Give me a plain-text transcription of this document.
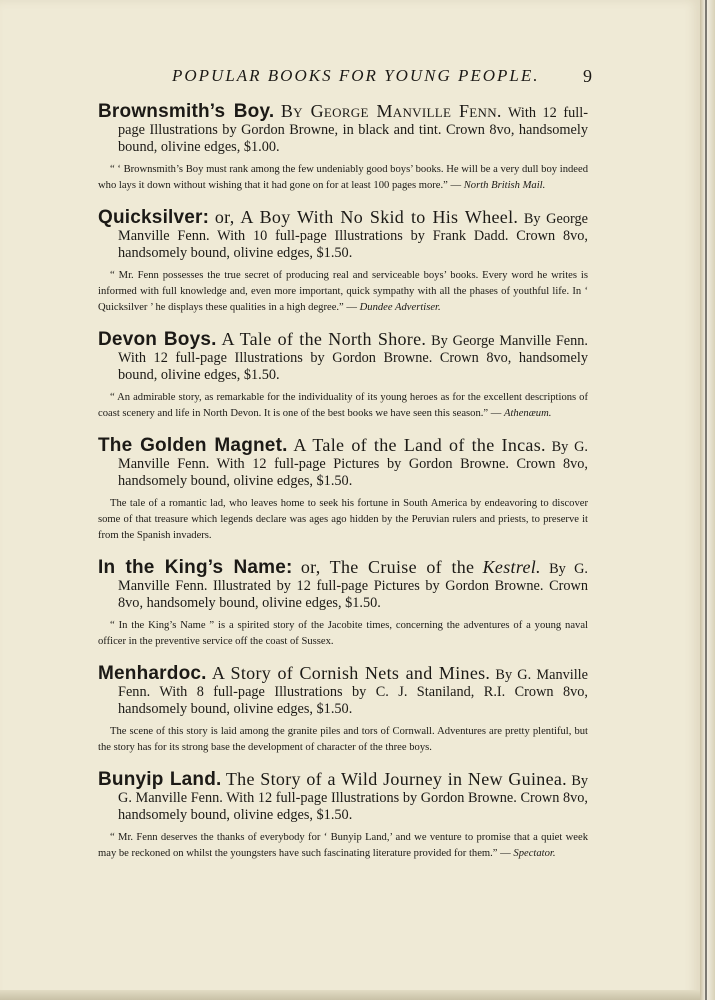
POPULAR BOOKS FOR YOUNG PEOPLE. 9
Brownsmith’s Boy. By George Manville Fenn. With 12 full-page Illustrations by Gordon Browne, in black and tint. Crown 8vo, handsomely bound, olivine edges, $1.00.
“ ‘ Brownsmith’s Boy must rank among the few undeniably good boys’ books. He will be a very dull boy indeed who lays it down without wishing that it had gone on for at least 100 pages more.” — North British Mail.
Quicksilver: or, A Boy With No Skid to His Wheel. By George Manville Fenn. With 10 full-page Illustrations by Frank Dadd. Crown 8vo, handsomely bound, olivine edges, $1.50.
“ Mr. Fenn possesses the true secret of producing real and serviceable boys’ books. Every word he writes is informed with full knowledge and, even more important, quick sympathy with all the phases of youthful life. In ‘ Quicksilver ’ he displays these qualities in a high degree.” — Dundee Advertiser.
Devon Boys. A Tale of the North Shore. By George Manville Fenn. With 12 full-page Illustrations by Gordon Browne. Crown 8vo, handsomely bound, olivine edges, $1.50.
“ An admirable story, as remarkable for the individuality of its young heroes as for the excellent descriptions of coast scenery and life in North Devon. It is one of the best books we have seen this season.” — Athenæum.
The Golden Magnet. A Tale of the Land of the Incas. By G. Manville Fenn. With 12 full-page Pictures by Gordon Browne. Crown 8vo, handsomely bound, olivine edges, $1.50.
The tale of a romantic lad, who leaves home to seek his fortune in South America by endeavoring to discover some of that treasure which legends declare was ages ago hidden by the Peruvian rulers and priests, to preserve it from the Spanish invaders.
In the King’s Name: or, The Cruise of the Kestrel. By G. Manville Fenn. Illustrated by 12 full-page Pictures by Gordon Browne. Crown 8vo, handsomely bound, olivine edges, $1.50.
“ In the King’s Name ” is a spirited story of the Jacobite times, concerning the adventures of a young naval officer in the preventive service off the coast of Sussex.
Menhardoc. A Story of Cornish Nets and Mines. By G. Manville Fenn. With 8 full-page Illustrations by C. J. Staniland, R.I. Crown 8vo, handsomely bound, olivine edges, $1.50.
The scene of this story is laid among the granite piles and tors of Cornwall. Adventures are pretty plentiful, but the story has for its strong base the development of character of the three boys.
Bunyip Land. The Story of a Wild Journey in New Guinea. By G. Manville Fenn. With 12 full-page Illustrations by Gordon Browne. Crown 8vo, handsomely bound, olivine edges, $1.50.
“ Mr. Fenn deserves the thanks of everybody for ‘ Bunyip Land,’ and we venture to promise that a quiet week may be reckoned on whilst the youngsters have such fascinating literature provided for them.” — Spectator.
